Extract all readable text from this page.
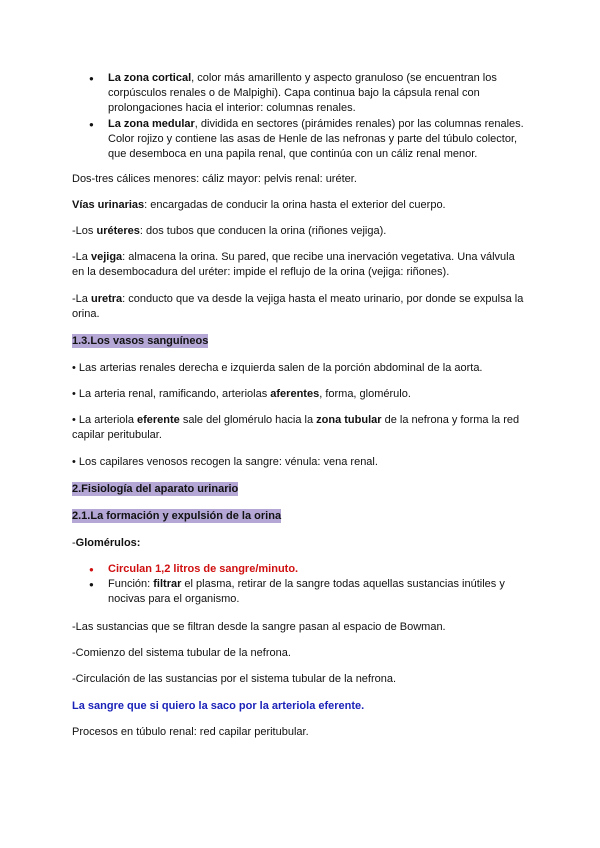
● La zona cortical, color más amarillento y aspecto granuloso (se encuentran los corpúsculos renales o de Malpighi). Capa continua bajo la cápsula renal con prolongaciones hacia el interior: columnas renales.
● La zona medular, dividida en sectores (pirámides renales) por las columnas renales. Color rojizo y contiene las asas de Henle de las nefronas y parte del túbulo colector, que desemboca en una papila renal, que continúa con un cáliz renal menor.

Dos-tres cálices menores: cáliz mayor: pelvis renal: uréter.

Vías urinarias: encargadas de conducir la orina hasta el exterior del cuerpo.

-Los uréteres: dos tubos que conducen la orina (riñones vejiga).

-La vejiga: almacena la orina. Su pared, que recibe una inervación vegetativa. Una válvula en la desembocadura del uréter: impide el reflujo de la orina (vejiga: riñones).

-La uretra: conducto que va desde la vejiga hasta el meato urinario, por donde se expulsa la orina.

1.3.Los vasos sanguíneos

• Las arterias renales derecha e izquierda salen de la porción abdominal de la aorta.

• La arteria renal, ramificando, arteriolas aferentes, forma, glomérulo.

• La arteriola eferente sale del glomérulo hacia la zona tubular de la nefrona y forma la red capilar peritubular.

• Los capilares venosos recogen la sangre: vénula: vena renal.

2.Fisiología del aparato urinario

2.1.La formación y expulsión de la orina

-Glomérulos:

● Circulan 1,2 litros de sangre/minuto.
● Función: filtrar el plasma, retirar de la sangre todas aquellas sustancias inútiles y nocivas para el organismo.

-Las sustancias que se filtran desde la sangre pasan al espacio de Bowman.

-Comienzo del sistema tubular de la nefrona.

-Circulación de las sustancias por el sistema tubular de la nefrona.

La sangre que si quiero la saco por la arteriola eferente.

Procesos en túbulo renal: red capilar peritubular.
